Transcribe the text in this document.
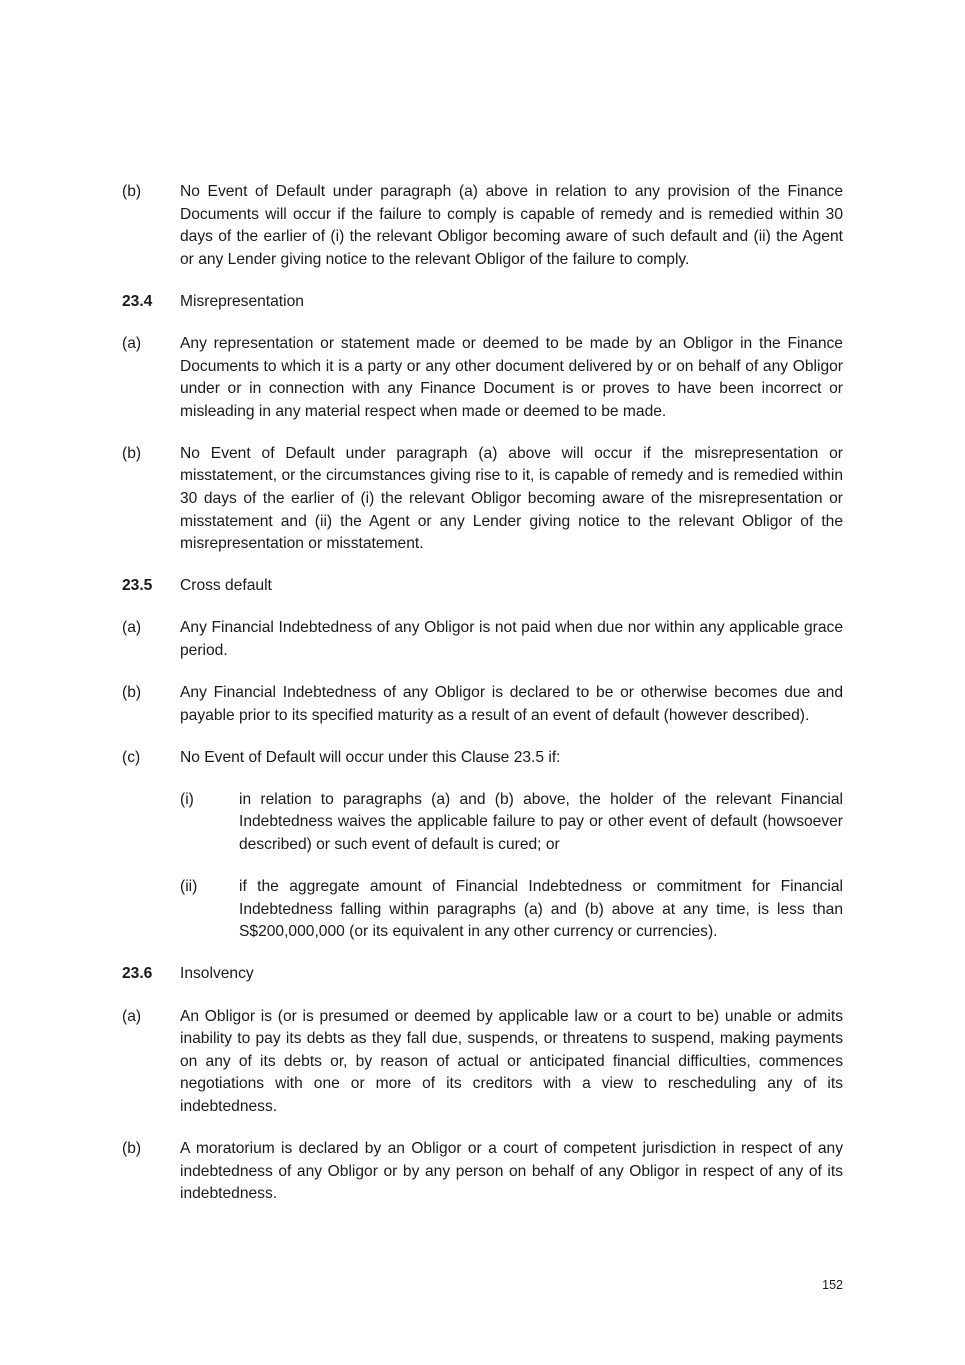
(b) No Event of Default under paragraph (a) above in relation to any provision of the Finance Documents will occur if the failure to comply is capable of remedy and is remedied within 30 days of the earlier of (i) the relevant Obligor becoming aware of such default and (ii) the Agent or any Lender giving notice to the relevant Obligor of the failure to comply.
23.4 Misrepresentation
(a) Any representation or statement made or deemed to be made by an Obligor in the Finance Documents to which it is a party or any other document delivered by or on behalf of any Obligor under or in connection with any Finance Document is or proves to have been incorrect or misleading in any material respect when made or deemed to be made.
(b) No Event of Default under paragraph (a) above will occur if the misrepresentation or misstatement, or the circumstances giving rise to it, is capable of remedy and is remedied within 30 days of the earlier of (i) the relevant Obligor becoming aware of the misrepresentation or misstatement and (ii) the Agent or any Lender giving notice to the relevant Obligor of the misrepresentation or misstatement.
23.5 Cross default
(a) Any Financial Indebtedness of any Obligor is not paid when due nor within any applicable grace period.
(b) Any Financial Indebtedness of any Obligor is declared to be or otherwise becomes due and payable prior to its specified maturity as a result of an event of default (however described).
(c)	No Event of Default will occur under this Clause 23.5 if:
(i)	in relation to paragraphs (a) and (b) above, the holder of the relevant Financial Indebtedness waives the applicable failure to pay or other event of default (howsoever described) or such event of default is cured; or
(ii)	if the aggregate amount of Financial Indebtedness or commitment for Financial Indebtedness falling within paragraphs (a) and (b) above at any time, is less than S$200,000,000 (or its equivalent in any other currency or currencies).
23.6 Insolvency
(a) An Obligor is (or is presumed or deemed by applicable law or a court to be) unable or admits inability to pay its debts as they fall due, suspends, or threatens to suspend, making payments on any of its debts or, by reason of actual or anticipated financial difficulties, commences negotiations with one or more of its creditors with a view to rescheduling any of its indebtedness.
(b) A moratorium is declared by an Obligor or a court of competent jurisdiction in respect of any indebtedness of any Obligor or by any person on behalf of any Obligor in respect of any of its indebtedness.
152
